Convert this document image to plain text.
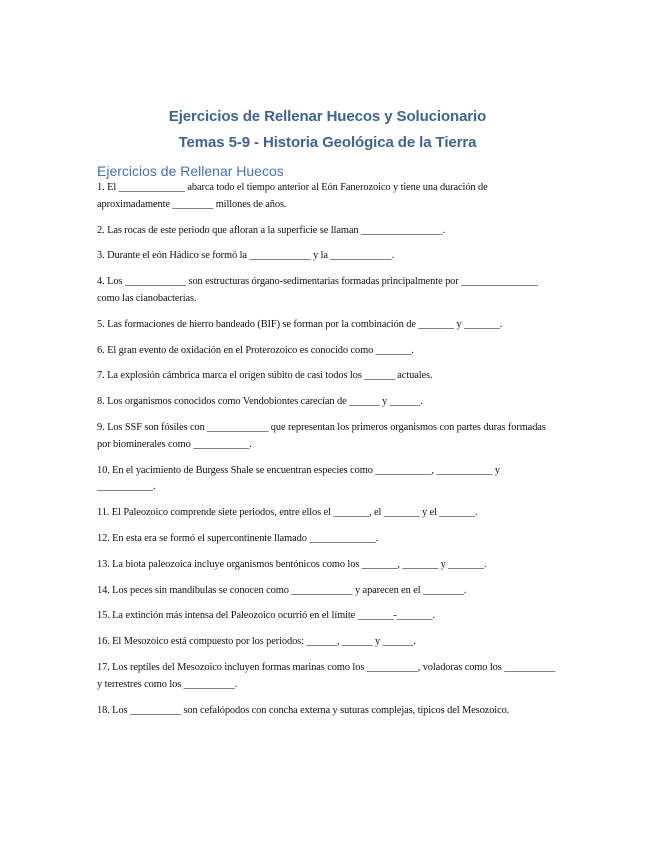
Ejercicios de Rellenar Huecos y Solucionario
Temas 5-9 - Historia Geológica de la Tierra
Ejercicios de Rellenar Huecos

1. El _____________ abarca todo el tiempo anterior al Eón Fanerozoico y tiene una duración de aproximadamente ________ millones de años.

2. Las rocas de este periodo que afloran a la superficie se llaman ________________.

3. Durante el eón Hádico se formó la ____________ y la ____________.

4. Los ____________ son estructuras órgano-sedimentarias formadas principalmente por _______________ como las cianobacterias.

5. Las formaciones de hierro bandeado (BIF) se forman por la combinación de _______ y _______.

6. El gran evento de oxidación en el Proterozoico es conocido como _______.

7. La explosión cámbrica marca el origen súbito de casi todos los ______ actuales.

8. Los organismos conocidos como Vendobiontes carecían de ______ y ______.

9. Los SSF son fósiles con ____________ que representan los primeros organismos con partes duras formadas por biominerales como ___________.

10. En el yacimiento de Burgess Shale se encuentran especies como ___________, ___________ y ___________.

11. El Paleozoico comprende siete periodos, entre ellos el _______, el _______ y el _______.

12. En esta era se formó el supercontinente llamado _____________.

13. La biota paleozoica incluye organismos bentónicos como los _______, _______ y _______.

14. Los peces sin mandíbulas se conocen como ____________ y aparecen en el ________.

15. La extinción más intensa del Paleozoico ocurrió en el límite _______-_______.

16. El Mesozoico está compuesto por los periodos: ______, ______ y ______.

17. Los reptiles del Mesozoico incluyen formas marinas como los __________, voladoras como los __________ y terrestres como los __________.

18. Los __________ son cefalópodos con concha externa y suturas complejas, típicos del Mesozoico.
